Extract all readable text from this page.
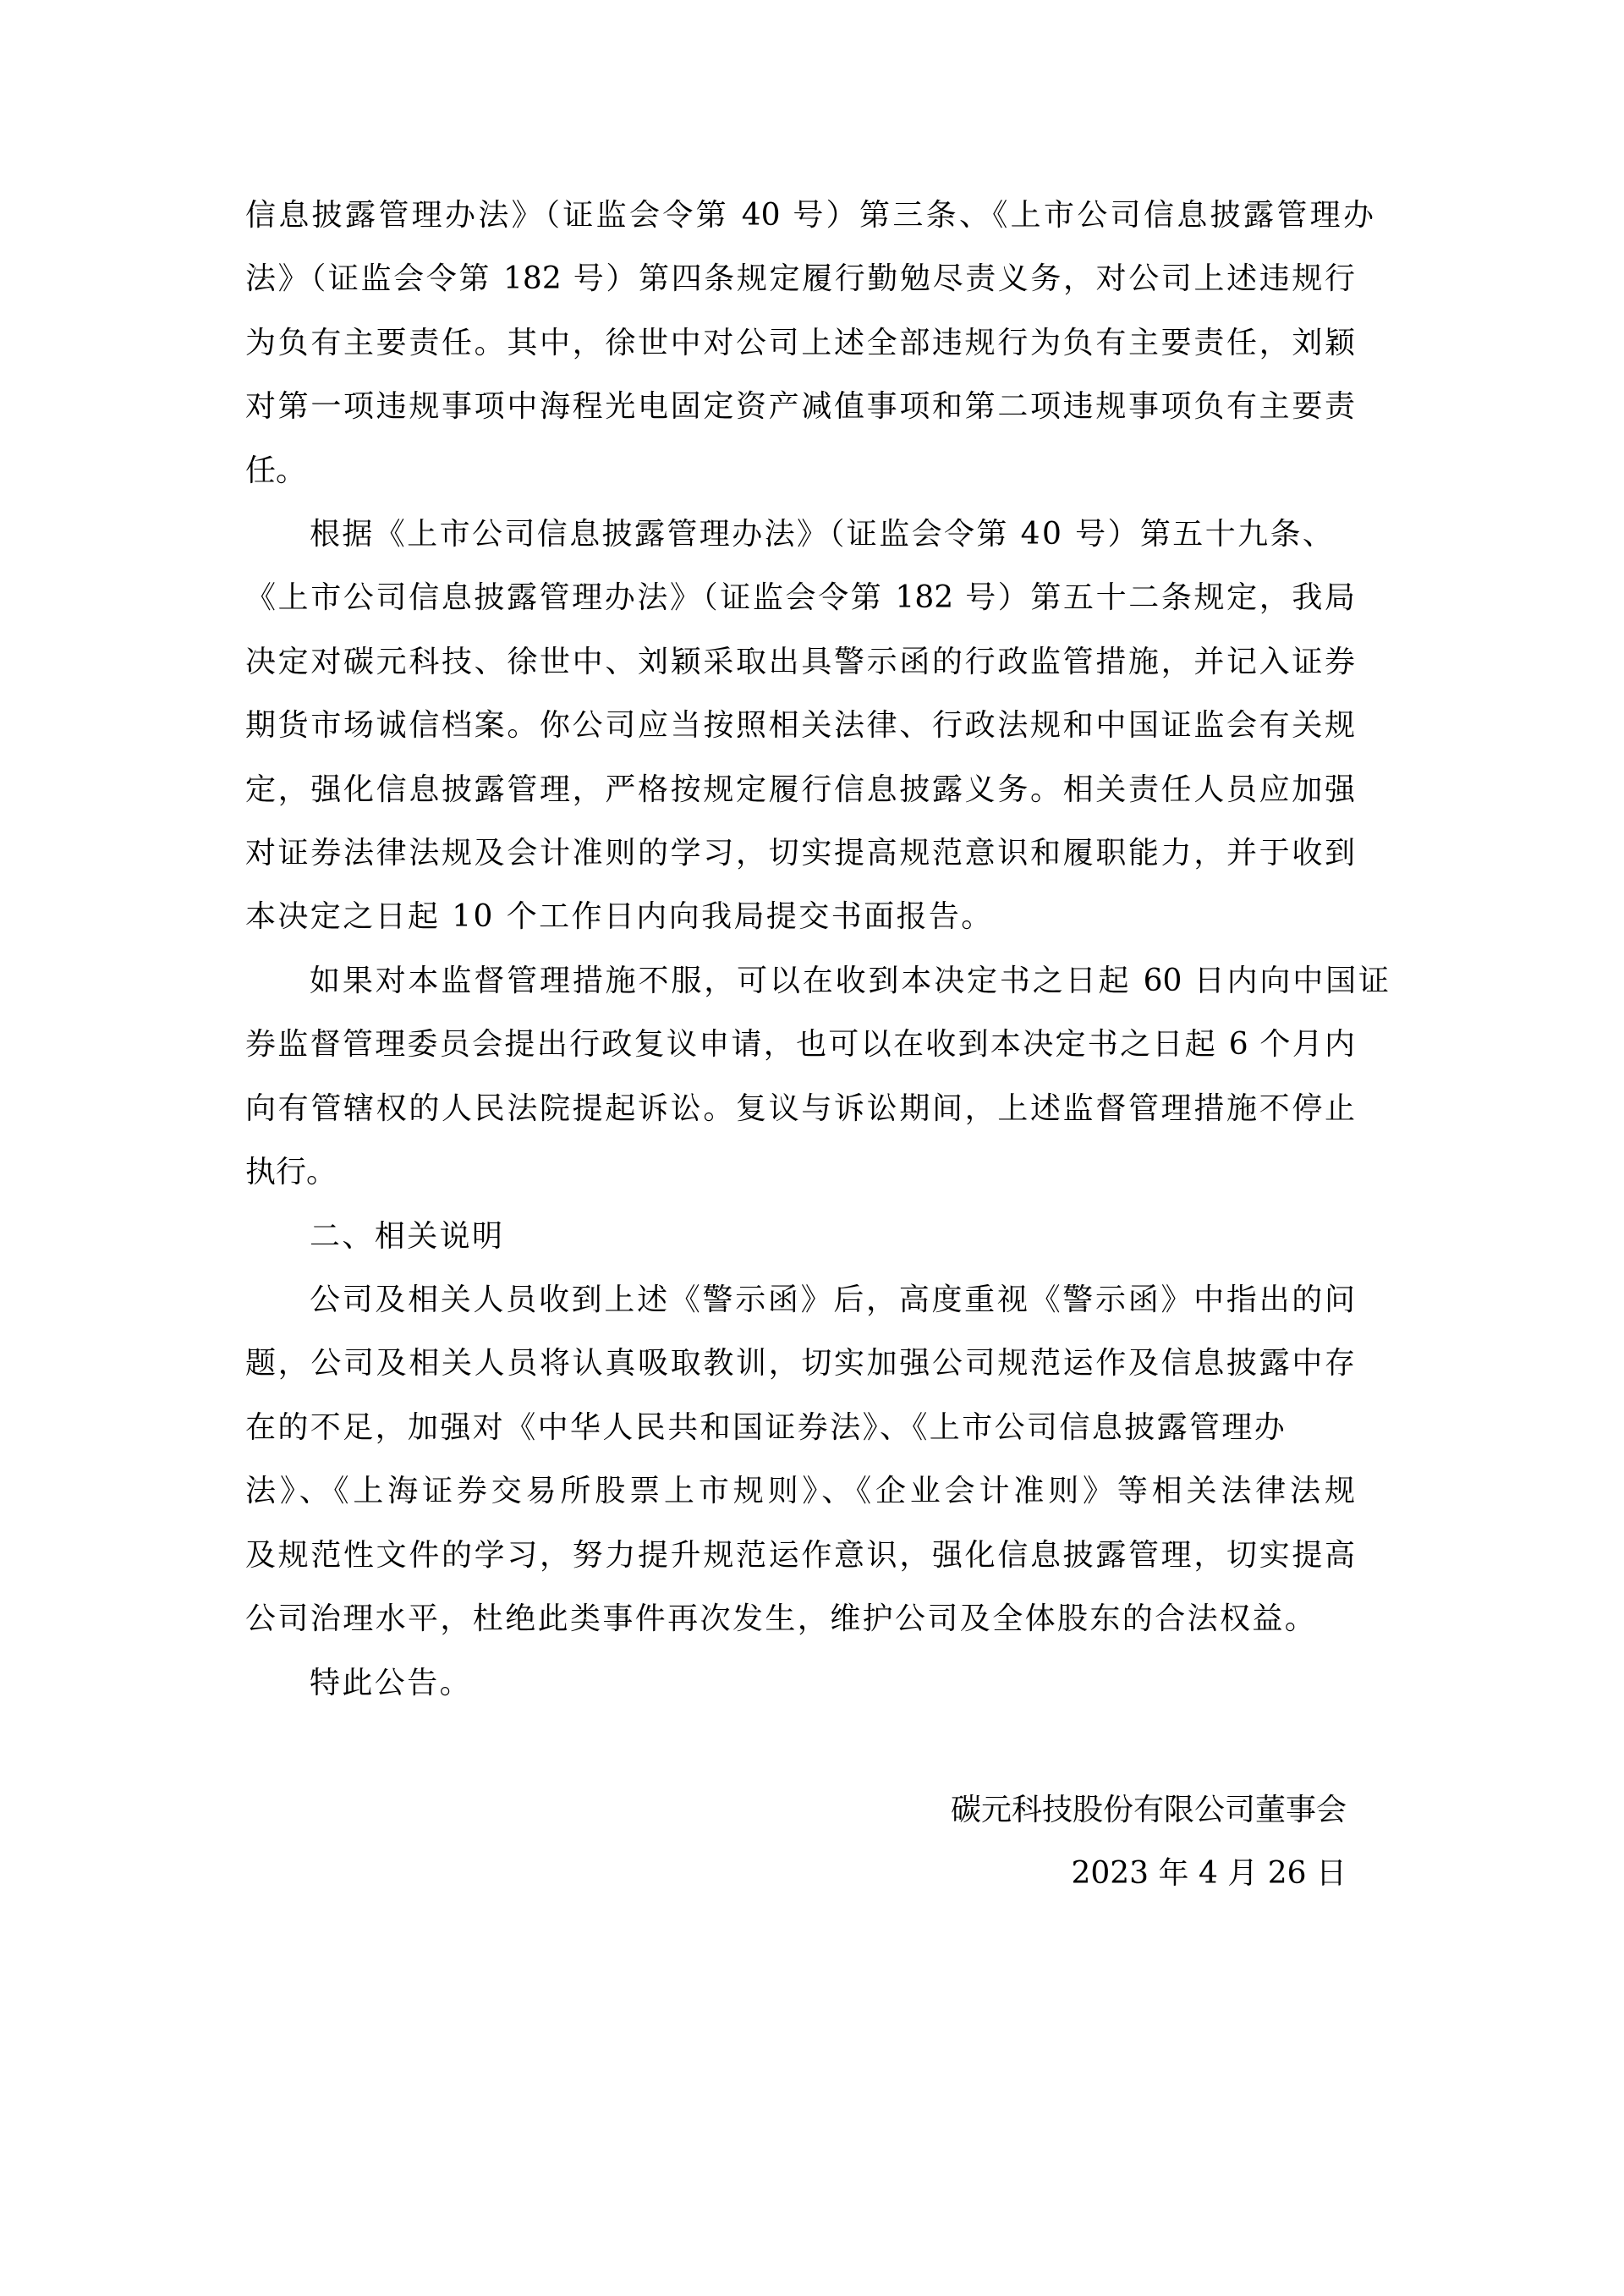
信息披露管理办法》（证监会令第 40 号）第三条、《上市公司信息披露管理办
法》（证监会令第 182 号）第四条规定履行勤勉尽责义务，对公司上述违规行
为负有主要责任。其中，徐世中对公司上述全部违规行为负有主要责任，刘颖
对第一项违规事项中海程光电固定资产减值事项和第二项违规事项负有主要责
任。
根据《上市公司信息披露管理办法》（证监会令第 40 号）第五十九条、
《上市公司信息披露管理办法》（证监会令第 182 号）第五十二条规定，我局
决定对碳元科技、徐世中、刘颖采取出具警示函的行政监管措施，并记入证券
期货市场诚信档案。你公司应当按照相关法律、行政法规和中国证监会有关规
定，强化信息披露管理，严格按规定履行信息披露义务。相关责任人员应加强
对证券法律法规及会计准则的学习，切实提高规范意识和履职能力，并于收到
本决定之日起 10 个工作日内向我局提交书面报告。
如果对本监督管理措施不服，可以在收到本决定书之日起 60 日内向中国证
券监督管理委员会提出行政复议申请，也可以在收到本决定书之日起 6 个月内
向有管辖权的人民法院提起诉讼。复议与诉讼期间，上述监督管理措施不停止
执行。
二、相关说明
公司及相关人员收到上述《警示函》后，高度重视《警示函》中指出的问
题，公司及相关人员将认真吸取教训，切实加强公司规范运作及信息披露中存
在的不足，加强对《中华人民共和国证券法》、《上市公司信息披露管理办
法》、《上海证券交易所股票上市规则》、《企业会计准则》等相关法律法规
及规范性文件的学习，努力提升规范运作意识，强化信息披露管理，切实提高
公司治理水平，杜绝此类事件再次发生，维护公司及全体股东的合法权益。
特此公告。
碳元科技股份有限公司董事会
2023 年 4 月 26 日
